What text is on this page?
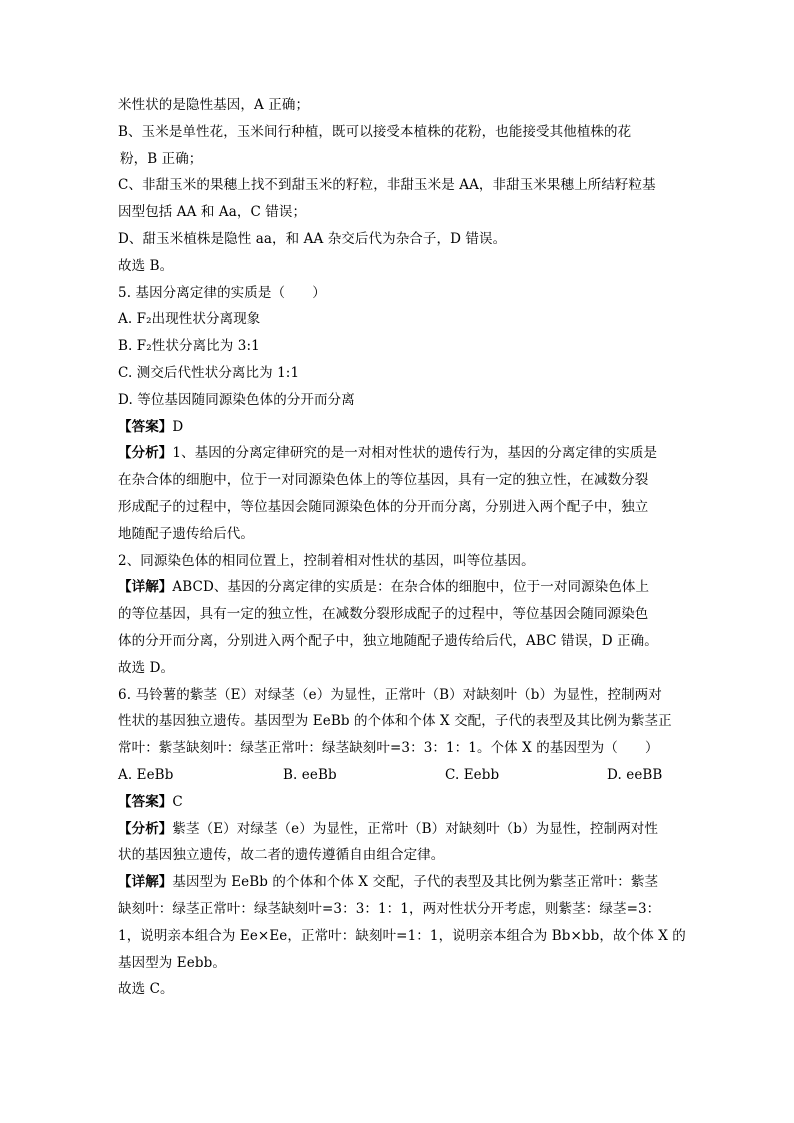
米性状的是隐性基因，A 正确；
B、玉米是单性花，玉米间行种植，既可以接受本植株的花粉，也能接受其他植株的花
粉，B 正确；
C、非甜玉米的果穗上找不到甜玉米的籽粒，非甜玉米是 AA，非甜玉米果穗上所结籽粒基
因型包括 AA 和 Aa，C 错误；
D、甜玉米植株是隐性 aa，和 AA 杂交后代为杂合子，D 错误。
故选 B。
5. 基因分离定律的实质是（　　）
A. F₂出现性状分离现象
B. F₂性状分离比为 3:1
C. 测交后代性状分离比为 1:1
D. 等位基因随同源染色体的分开而分离
【答案】D
【分析】1、基因的分离定律研究的是一对相对性状的遗传行为，基因的分离定律的实质是
在杂合体的细胞中，位于一对同源染色体上的等位基因，具有一定的独立性，在减数分裂
形成配子的过程中，等位基因会随同源染色体的分开而分离，分别进入两个配子中，独立
地随配子遗传给后代。
2、同源染色体的相同位置上，控制着相对性状的基因，叫等位基因。
【详解】ABCD、基因的分离定律的实质是：在杂合体的细胞中，位于一对同源染色体上
的等位基因，具有一定的独立性，在减数分裂形成配子的过程中，等位基因会随同源染色
体的分开而分离，分别进入两个配子中，独立地随配子遗传给后代，ABC 错误，D 正确。
故选 D。
6. 马铃薯的紫茎（E）对绿茎（e）为显性，正常叶（B）对缺刻叶（b）为显性，控制两对
性状的基因独立遗传。基因型为 EeBb 的个体和个体 X 交配，子代的表型及其比例为紫茎正
常叶：紫茎缺刻叶：绿茎正常叶：绿茎缺刻叶=3：3：1：1。个体 X 的基因型为（　　）
A. EeBb	B. eeBb	C. Eebb	D. eeBB
【答案】C
【分析】紫茎（E）对绿茎（e）为显性，正常叶（B）对缺刻叶（b）为显性，控制两对性
状的基因独立遗传，故二者的遗传遵循自由组合定律。
【详解】基因型为 EeBb 的个体和个体 X 交配，子代的表型及其比例为紫茎正常叶：紫茎
缺刻叶：绿茎正常叶：绿茎缺刻叶=3：3：1：1，两对性状分开考虑，则紫茎：绿茎=3：
1，说明亲本组合为 Ee×Ee，正常叶：缺刻叶=1：1，说明亲本组合为 Bb×bb，故个体 X 的
基因型为 Eebb。
故选 C。
